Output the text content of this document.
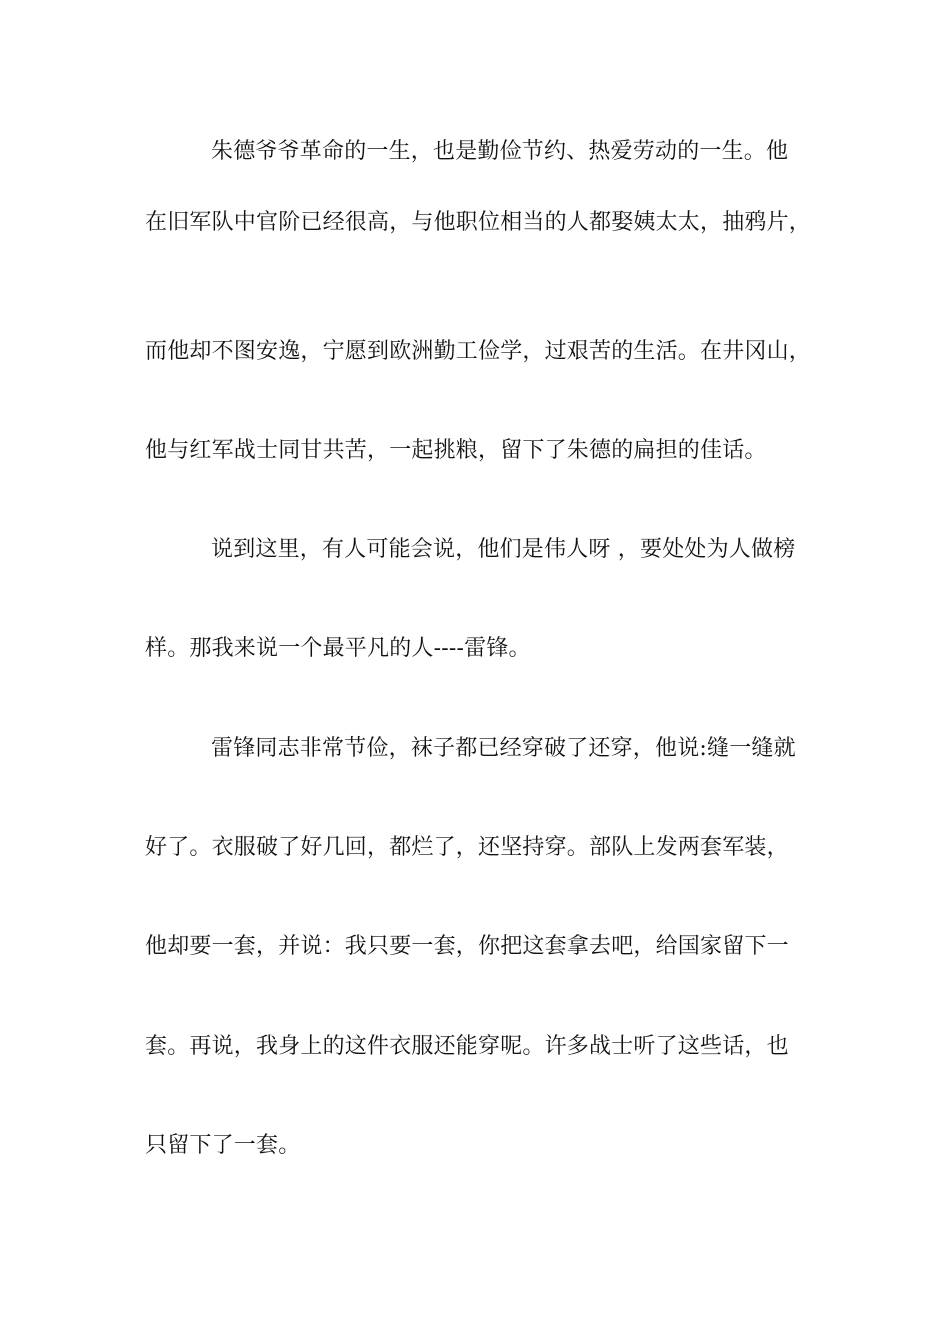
朱德爷爷革命的一生，也是勤俭节约、热爱劳动的一生。他
在旧军队中官阶已经很高，与他职位相当的人都娶姨太太，抽鸦片，
而他却不图安逸，宁愿到欧洲勤工俭学，过艰苦的生活。在井冈山，
他与红军战士同甘共苦，一起挑粮，留下了朱德的扁担的佳话。
说到这里，有人可能会说，他们是伟人呀 ，要处处为人做榜
样。那我来说一个最平凡的人----雷锋。
雷锋同志非常节俭，袜子都已经穿破了还穿，他说:缝一缝就
好了。衣服破了好几回，都烂了，还坚持穿。部队上发两套军装，
他却要一套，并说：我只要一套，你把这套拿去吧，给国家留下一
套。再说，我身上的这件衣服还能穿呢。许多战士听了这些话，也
只留下了一套。
